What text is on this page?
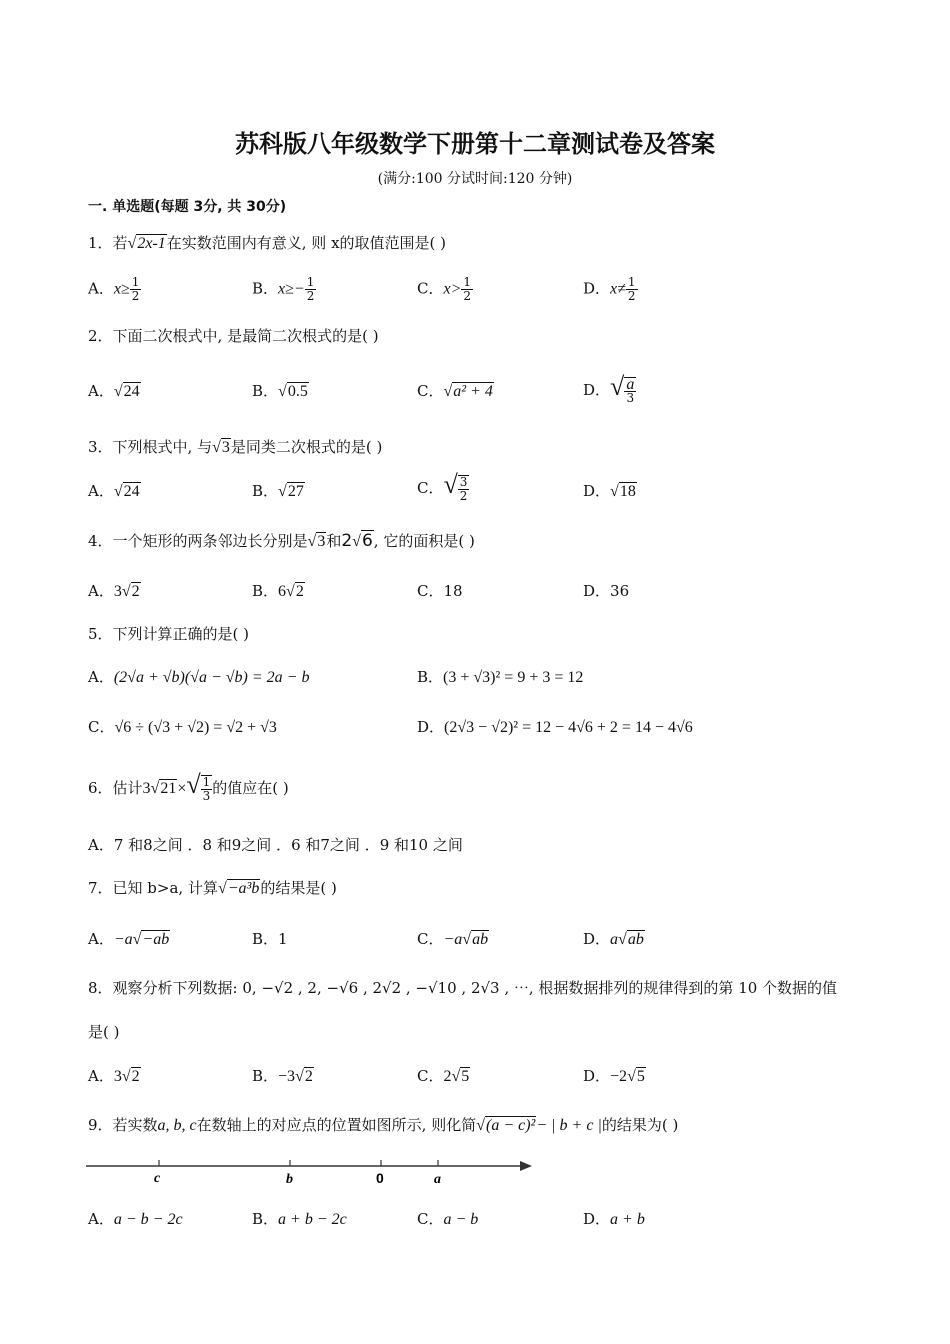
苏科版八年级数学下册第十二章测试卷及答案
(满分:100 分试时间:120 分钟)
一. 单选题(每题 3分, 共 30分)
1．若√2x-1在实数范围内有意义, 则 x的取值范围是( )
A．$x\ge \frac{1}{2}$	B．$x\ge- \frac{1}{2}$	C．$x> \frac{1}{2}$	D．$x\ne \frac{1}{2}$
2．下面二次根式中, 是最简二次根式的是( )
A．√24	B．√0.5	C．√a² + 4	D．√ $\frac{a}{3}$
3．下列根式中, 与√3是同类二次根式的是( )
A．√24	B．√27	C．√ $\frac{3}{2}$	D．√18
4．一个矩形的两条邻边长分别是√3和2√6, 它的面积是( )
A．3√2	B．6√2	C．18	D．36
5．下列计算正确的是( )
A．(2√a + √b)(√a − √b) = 2a − b	B．(3 + √3)² = 9 + 3 = 12
C．√6 ÷ (√3 + √2) = √2 + √3	D．(2√3 − √2)² = 12 − 4√6 + 2 = 14 − 4√6
6．估计$3√21\times√ \frac{1}{3}$ 的值应在( )
A．7 和8之间 ．8 和9之间 ．6 和7之间 ．9 和10 之间
7．已知 b>a, 计算√−a³b的结果是( )
A．−a√−ab	B．1	C．−a√ab	D．a√ab
8．观察分析下列数据: 0, −√2 , 2, −√6 , 2√2 , −√10 , 2√3 , ⋯, 根据数据排列的规律得到的第 10 个数据的值
是( )
A．3√2	B．−3√2	C．2√5	D．−2√5
9．若实数a, b, c在数轴上的对应点的位置如图所示, 则化简√(a − c)²− | b + c |的结果为( )
c	b	0	a
A．a − b − 2c	B．a + b − 2c	C．a − b	D．a + b
